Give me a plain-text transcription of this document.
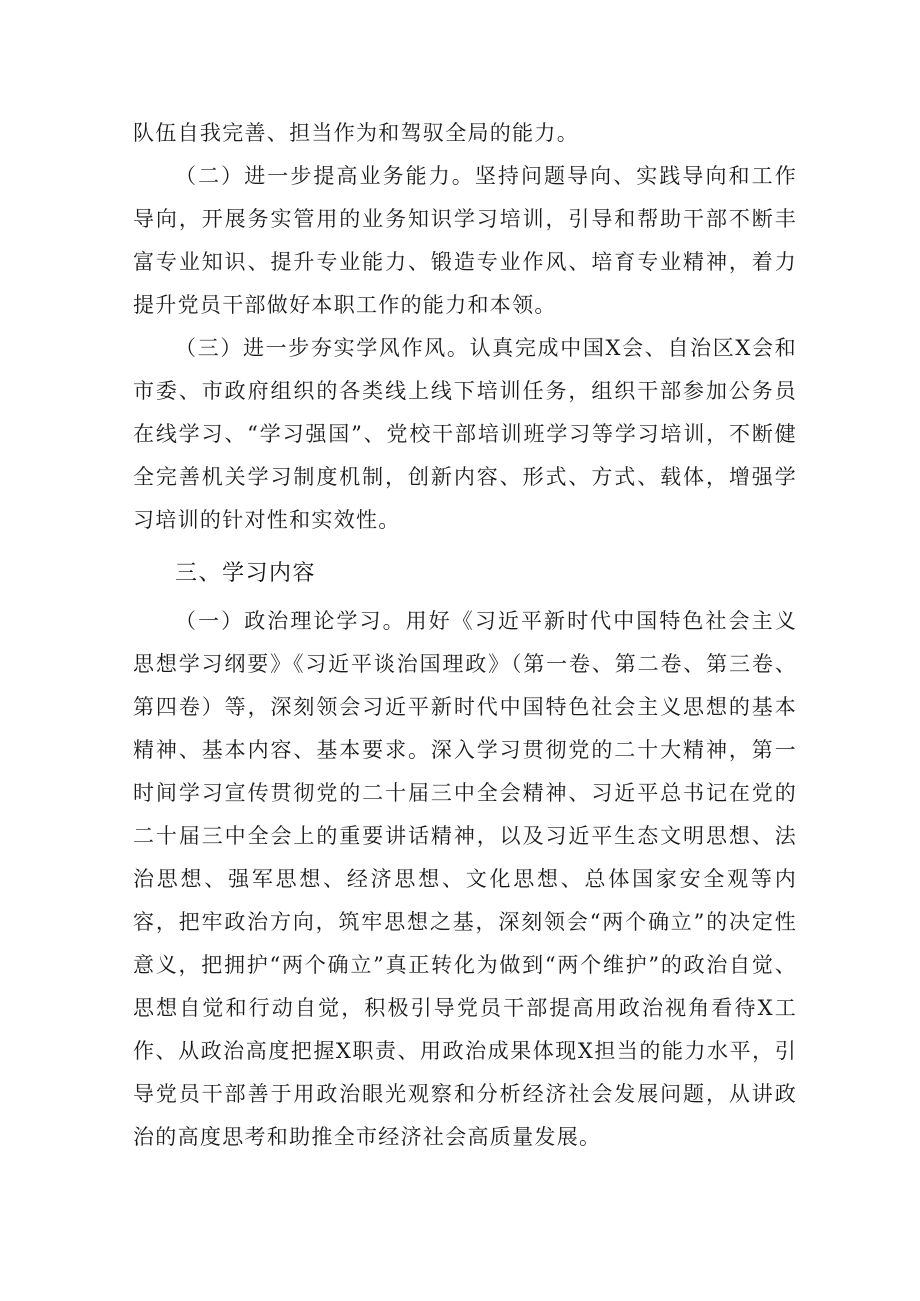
队伍自我完善、担当作为和驾驭全局的能力。

（二）进一步提高业务能力。坚持问题导向、实践导向和工作导向，开展务实管用的业务知识学习培训，引导和帮助干部不断丰富专业知识、提升专业能力、锻造专业作风、培育专业精神，着力提升党员干部做好本职工作的能力和本领。

（三）进一步夯实学风作风。认真完成中国X会、自治区X会和市委、市政府组织的各类线上线下培训任务，组织干部参加公务员在线学习、“学习强国”、党校干部培训班学习等学习培训，不断健全完善机关学习制度机制，创新内容、形式、方式、载体，增强学习培训的针对性和实效性。

三、学习内容

（一）政治理论学习。用好《习近平新时代中国特色社会主义思想学习纲要》《习近平谈治国理政》（第一卷、第二卷、第三卷、第四卷）等，深刻领会习近平新时代中国特色社会主义思想的基本精神、基本内容、基本要求。深入学习贯彻党的二十大精神，第一时间学习宣传贯彻党的二十届三中全会精神、习近平总书记在党的二十届三中全会上的重要讲话精神，以及习近平生态文明思想、法治思想、强军思想、经济思想、文化思想、总体国家安全观等内容，把牢政治方向，筑牢思想之基，深刻领会“两个确立”的决定性意义，把拥护“两个确立”真正转化为做到“两个维护”的政治自觉、思想自觉和行动自觉，积极引导党员干部提高用政治视角看待X工作、从政治高度把握X职责、用政治成果体现X担当的能力水平，引导党员干部善于用政治眼光观察和分析经济社会发展问题，从讲政治的高度思考和助推全市经济社会高质量发展。
